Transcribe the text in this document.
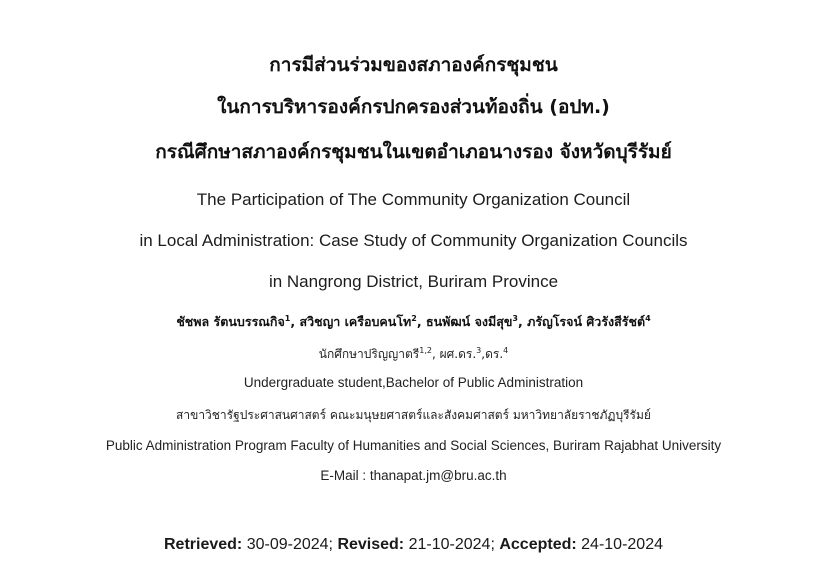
การมีส่วนร่วมของสภาองค์กรชุมชน
ในการบริหารองค์กรปกครองส่วนท้องถิ่น (อปท.)
กรณีศึกษาสภาองค์กรชุมชนในเขตอำเภอนางรอง จังหวัดบุรีรัมย์
The Participation of The Community Organization Council
in Local Administration: Case Study of Community Organization Councils
in Nangrong District, Buriram Province
ชัชพล รัตนบรรณกิจ$^1$, สวิชญา เครือบคนโท$^2$, ธนพัฒน์ จงมีสุข$^3$, ภรัญโรจน์ ศิวรังสีรัชต์$^4$
นักศึกษาปริญญาตรี$^{1,2}$, ผศ.ดร.$^3$,ดร.$^4$
Undergraduate student,Bachelor of Public Administration
สาขาวิชารัฐประศาสนศาสตร์ คณะมนุษยศาสตร์และสังคมศาสตร์ มหาวิทยาลัยราชภัฏบุรีรัมย์
Public Administration Program Faculty of Humanities and Social Sciences, Buriram Rajabhat University
E-Mail : thanapat.jm@bru.ac.th
Retrieved: 30-09-2024; Revised: 21-10-2024; Accepted: 24-10-2024
